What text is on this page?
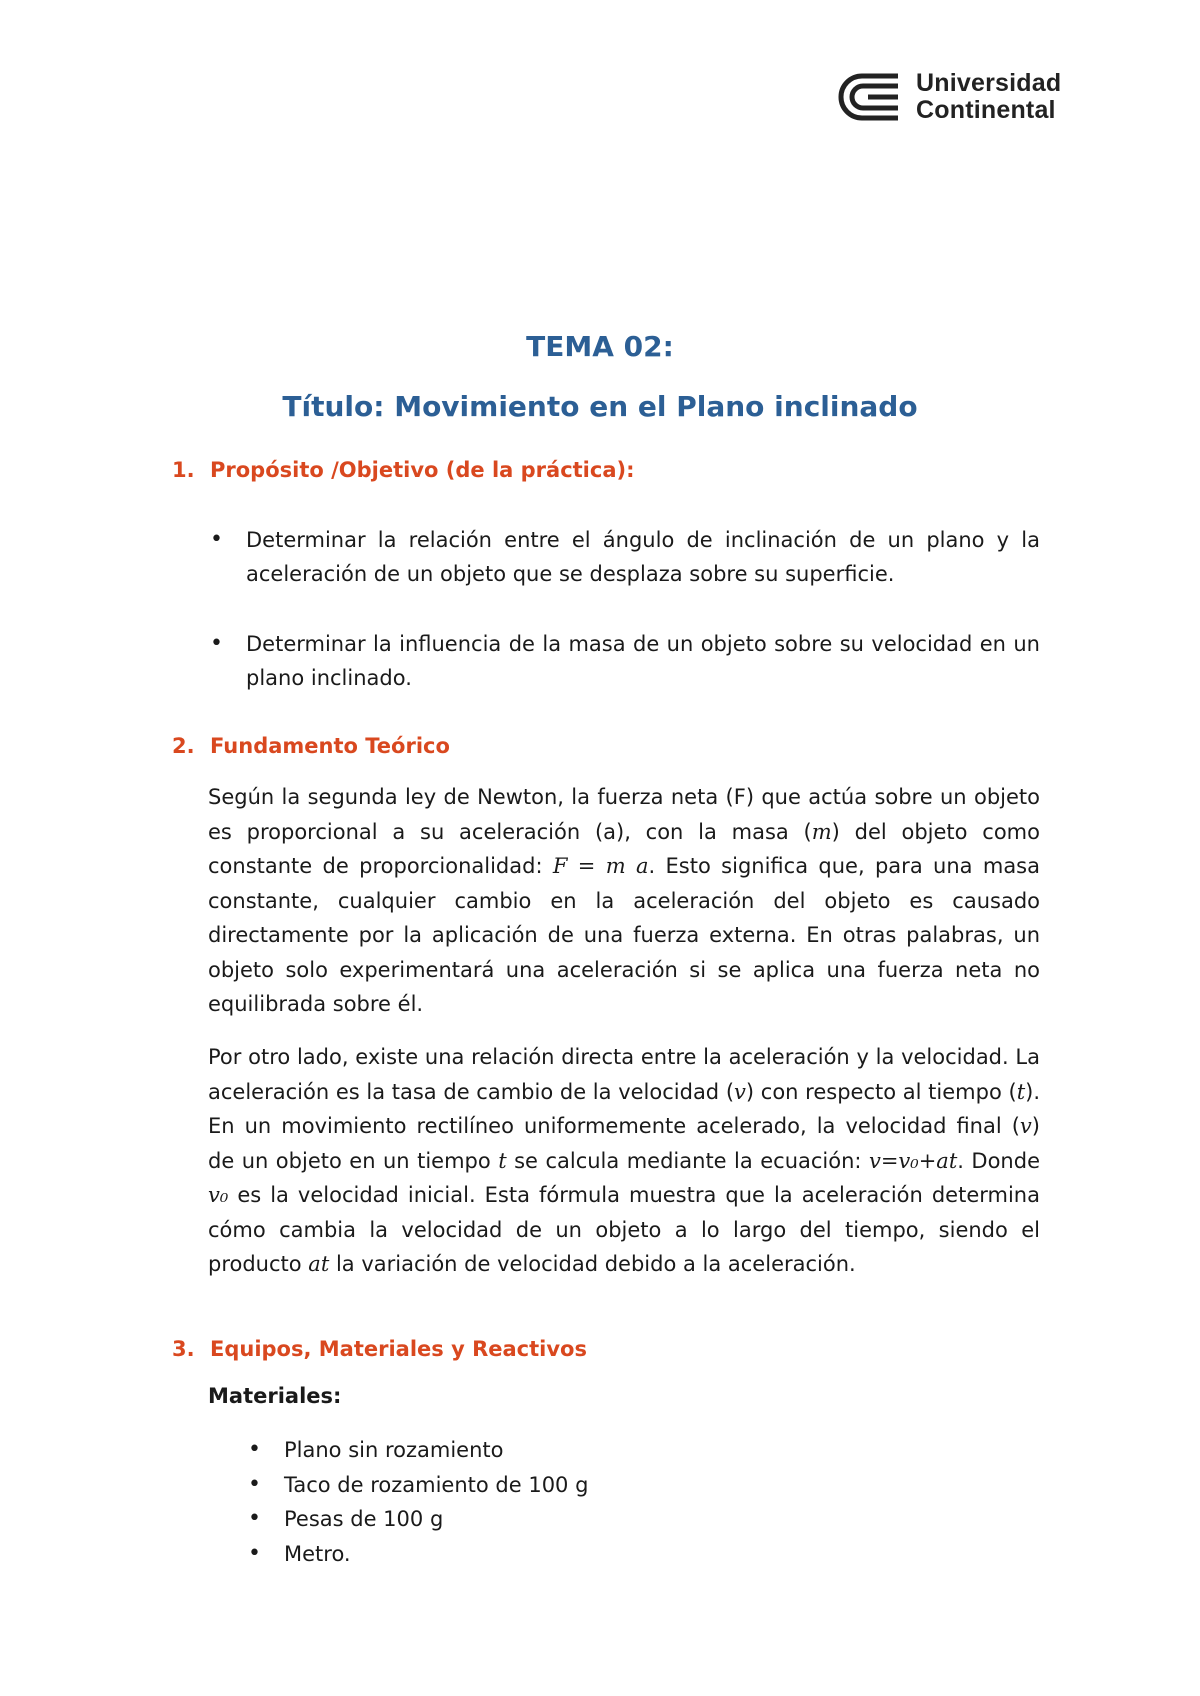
Universidad
Continental
TEMA 02:
Título: Movimiento en el Plano inclinado
1. Propósito /Objetivo (de la práctica):
• Determinar la relación entre el ángulo de inclinación de un plano y la aceleración de un objeto que se desplaza sobre su superficie.
• Determinar la influencia de la masa de un objeto sobre su velocidad en un plano inclinado.
2. Fundamento Teórico

Según la segunda ley de Newton, la fuerza neta (F) que actúa sobre un objeto es proporcional a su aceleración (a), con la masa (m) del objeto como constante de proporcionalidad: F = m a. Esto significa que, para una masa constante, cualquier cambio en la aceleración del objeto es causado directamente por la aplicación de una fuerza externa. En otras palabras, un objeto solo experimentará una aceleración si se aplica una fuerza neta no equilibrada sobre él.

Por otro lado, existe una relación directa entre la aceleración y la velocidad. La aceleración es la tasa de cambio de la velocidad (v) con respecto al tiempo (t). En un movimiento rectilíneo uniformemente acelerado, la velocidad final (v) de un objeto en un tiempo t se calcula mediante la ecuación: v=v₀+at. Donde v₀ es la velocidad inicial. Esta fórmula muestra que la aceleración determina cómo cambia la velocidad de un objeto a lo largo del tiempo, siendo el producto at la variación de velocidad debido a la aceleración.

3. Equipos, Materiales y Reactivos

Materiales:

• Plano sin rozamiento
• Taco de rozamiento de 100 g
• Pesas de 100 g
• Metro.
